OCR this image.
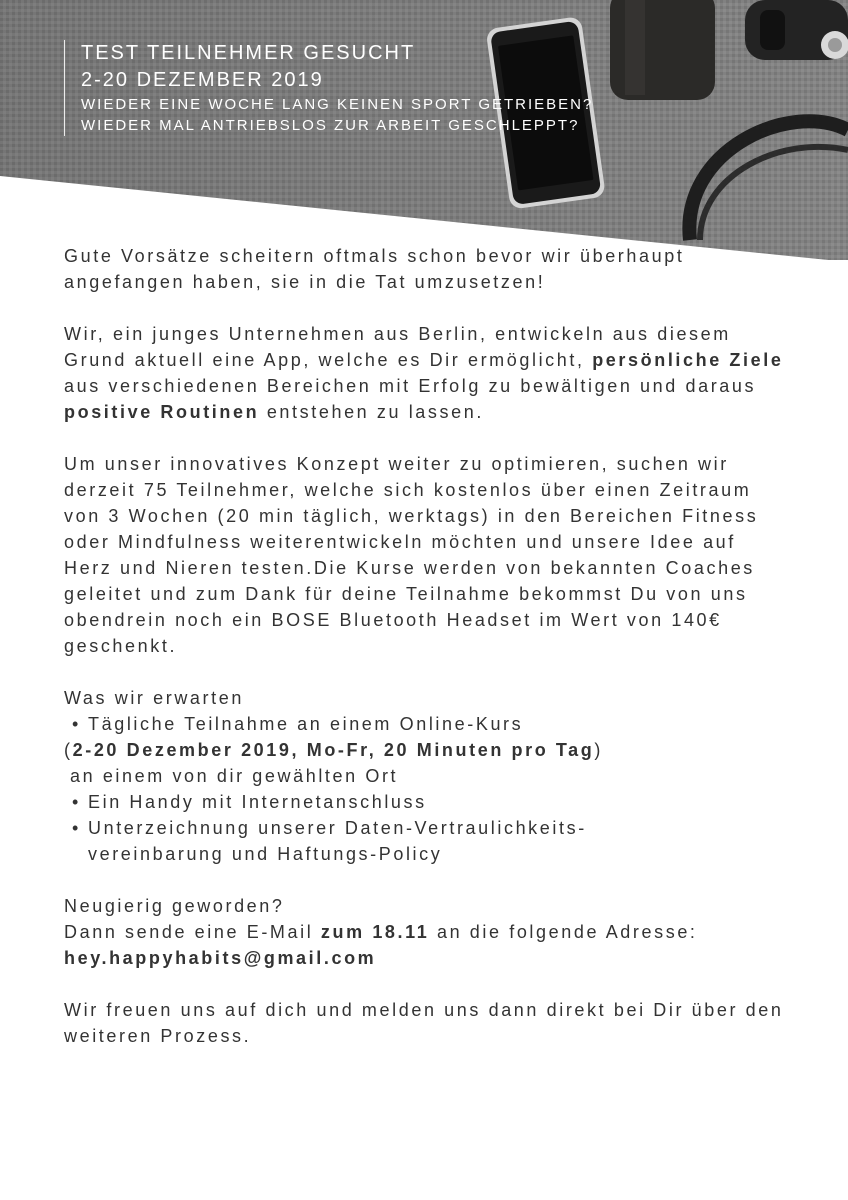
TEST TEILNEHMER GESUCHT
2-20 DEZEMBER 2019
WIEDER EINE WOCHE LANG KEINEN SPORT GETRIEBEN?
WIEDER MAL ANTRIEBSLOS ZUR ARBEIT GESCHLEPPT?

Gute Vorsätze scheitern oftmals schon bevor wir überhaupt angefangen haben, sie in die Tat umzusetzen!

Wir, ein junges Unternehmen aus Berlin, entwickeln aus diesem Grund aktuell eine App, welche es Dir ermöglicht, persönliche Ziele aus verschiedenen Bereichen mit Erfolg zu bewältigen und daraus positive Routinen entstehen zu lassen.

Um unser innovatives Konzept weiter zu optimieren, suchen wir derzeit 75 Teilnehmer, welche sich kostenlos über einen Zeitraum von 3 Wochen (20 min täglich, werktags) in den Bereichen Fitness oder Mindfulness weiterentwickeln möchten und unsere Idee auf Herz und Nieren testen.Die Kurse werden von bekannten Coaches geleitet und zum Dank für deine Teilnahme bekommst Du von uns obendrein noch ein BOSE Bluetooth Headset im Wert von 140€ geschenkt.

Was wir erwarten
• Tägliche Teilnahme an einem Online-Kurs
(2-20 Dezember 2019, Mo-Fr, 20 Minuten pro Tag)
an einem von dir gewählten Ort
• Ein Handy mit Internetanschluss
• Unterzeichnung unserer Daten-Vertraulichkeits-
vereinbarung und Haftungs-Policy

Neugierig geworden?
Dann sende eine E-Mail zum 18.11 an die folgende Adresse:
hey.happyhabits@gmail.com

Wir freuen uns auf dich und melden uns dann direkt bei Dir über den weiteren Prozess.
